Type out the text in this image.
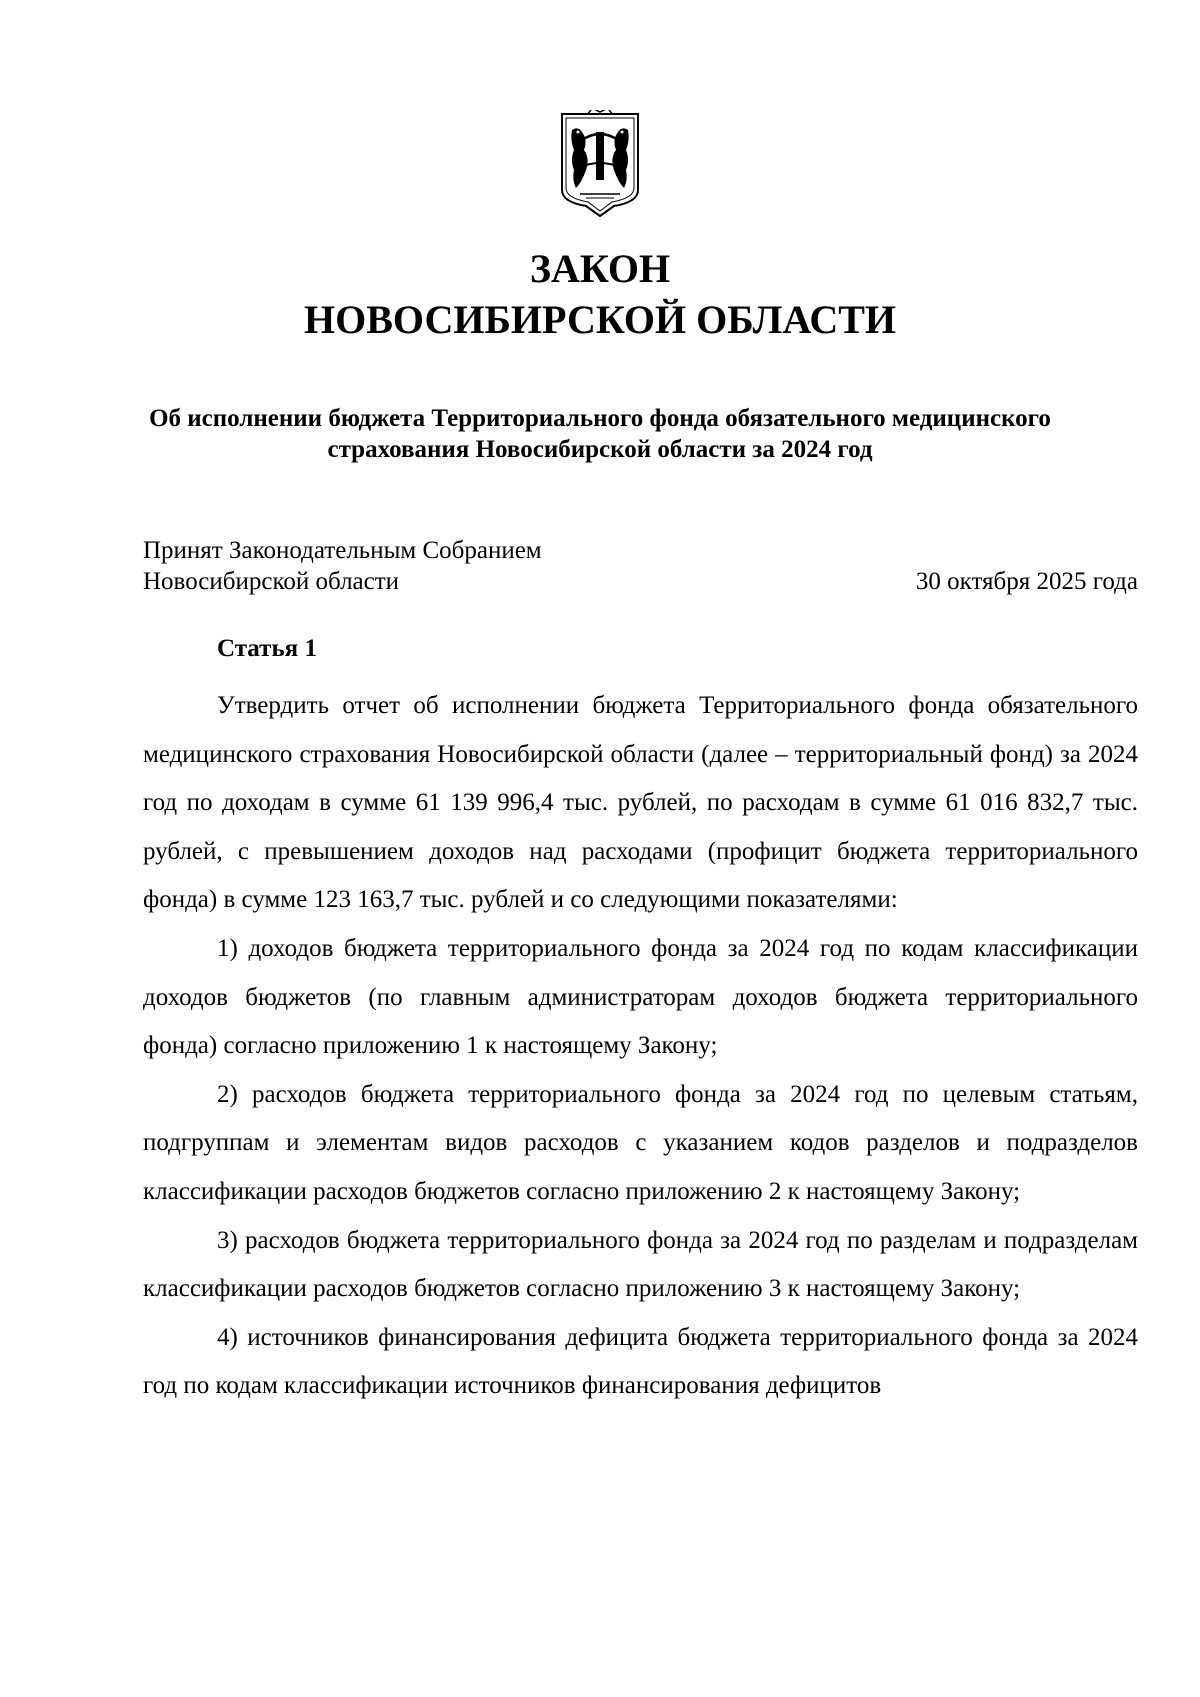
ЗАКОН
НОВОСИБИРСКОЙ ОБЛАСТИ
Об исполнении бюджета Территориального фонда обязательного медицинского страхования Новосибирской области за 2024 год
Принят Законодательным Собранием
Новосибирской области	30 октября 2025 года
Статья 1

Утвердить отчет об исполнении бюджета Территориального фонда обязательного медицинского страхования Новосибирской области (далее – территориальный фонд) за 2024 год по доходам в сумме 61 139 996,4 тыс. рублей, по расходам в сумме 61 016 832,7 тыс. рублей, с превышением доходов над расходами (профицит бюджета территориального фонда) в сумме 123 163,7 тыс. рублей и со следующими показателями:

1) доходов бюджета территориального фонда за 2024 год по кодам классификации доходов бюджетов (по главным администраторам доходов бюджета территориального фонда) согласно приложению 1 к настоящему Закону;

2) расходов бюджета территориального фонда за 2024 год по целевым статьям, подгруппам и элементам видов расходов с указанием кодов разделов и подразделов классификации расходов бюджетов согласно приложению 2 к настоящему Закону;

3) расходов бюджета территориального фонда за 2024 год по разделам и подразделам классификации расходов бюджетов согласно приложению 3 к настоящему Закону;

4) источников финансирования дефицита бюджета территориального фонда за 2024 год по кодам классификации источников финансирования дефицитов
